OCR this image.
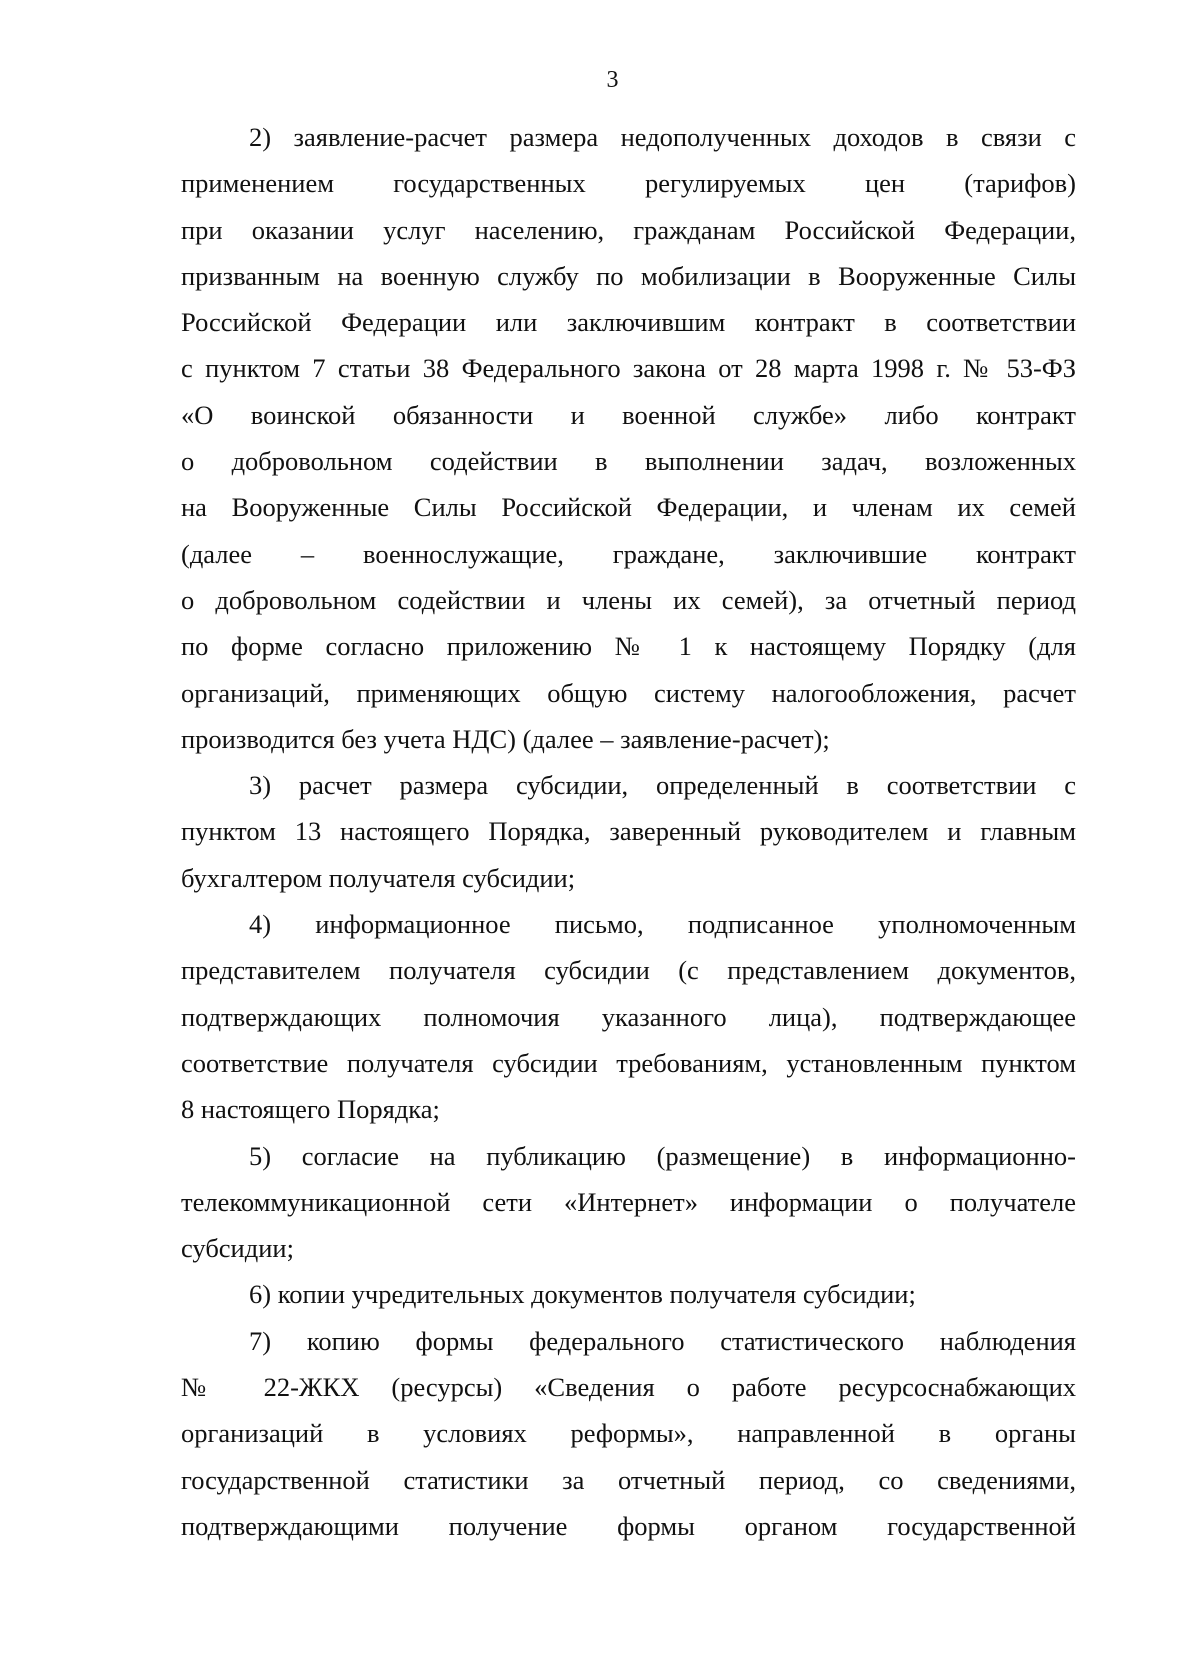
3
2) заявление-расчет размера недополученных доходов в связи с
применением государственных регулируемых цен (тарифов)
при оказании услуг населению, гражданам Российской Федерации,
призванным на военную службу по мобилизации в Вооруженные Силы
Российской Федерации или заключившим контракт в соответствии
с пунктом 7 статьи 38 Федерального закона от 28 марта 1998 г. № 53-ФЗ
«О воинской обязанности и военной службе» либо контракт
о добровольном содействии в выполнении задач, возложенных
на Вооруженные Силы Российской Федерации, и членам их семей
(далее – военнослужащие, граждане, заключившие контракт
о добровольном содействии и члены их семей), за отчетный период
по форме согласно приложению № 1 к настоящему Порядку (для
организаций, применяющих общую систему налогообложения, расчет
производится без учета НДС) (далее – заявление-расчет);
3) расчет размера субсидии, определенный в соответствии с
пунктом 13 настоящего Порядка, заверенный руководителем и главным
бухгалтером получателя субсидии;
4) информационное письмо, подписанное уполномоченным
представителем получателя субсидии (с представлением документов,
подтверждающих полномочия указанного лица), подтверждающее
соответствие получателя субсидии требованиям, установленным пунктом
8 настоящего Порядка;
5) согласие на публикацию (размещение) в информационно-
телекоммуникационной сети «Интернет» информации о получателе
субсидии;
6) копии учредительных документов получателя субсидии;
7) копию формы федерального статистического наблюдения
№ 22-ЖКХ (ресурсы) «Сведения о работе ресурсоснабжающих
организаций в условиях реформы», направленной в органы
государственной статистики за отчетный период, со сведениями,
подтверждающими получение формы органом государственной
